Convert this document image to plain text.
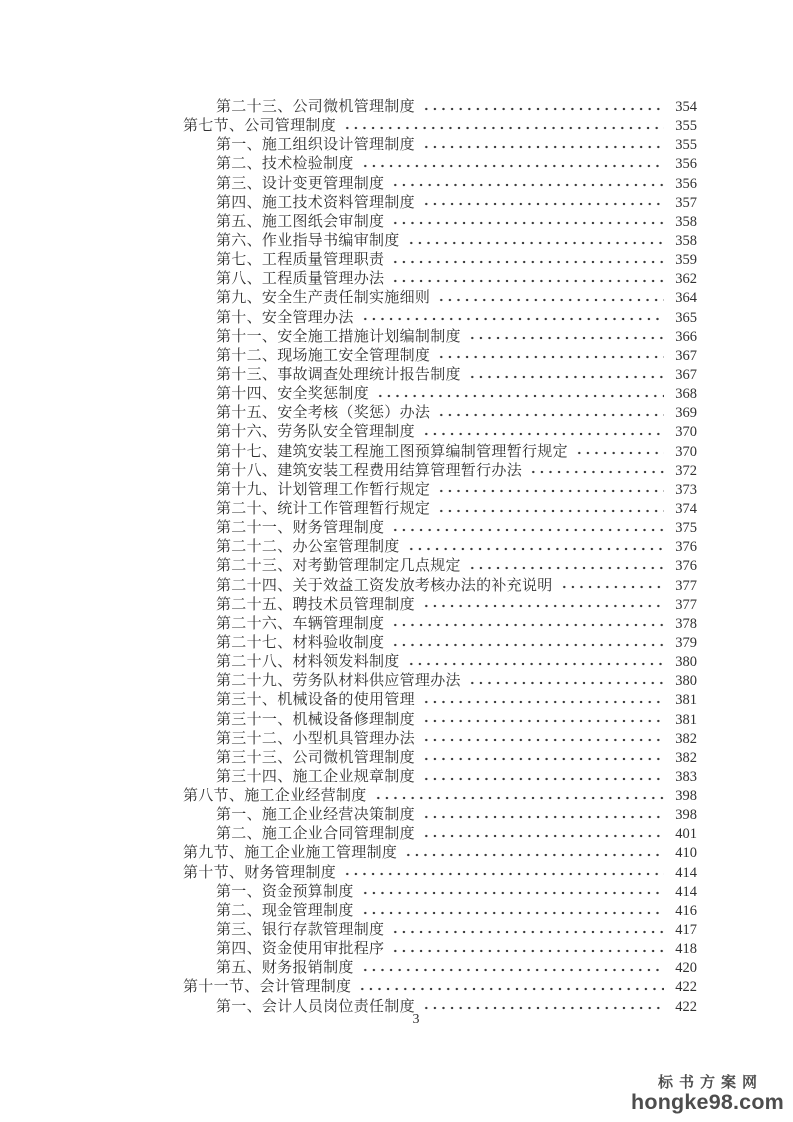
第二十三、公司微机管理制度	354
第七节、公司管理制度	355
第一、施工组织设计管理制度	355
第二、技术检验制度	356
第三、设计变更管理制度	356
第四、施工技术资料管理制度	357
第五、施工图纸会审制度	358
第六、作业指导书编审制度	358
第七、工程质量管理职责	359
第八、工程质量管理办法	362
第九、安全生产责任制实施细则	364
第十、安全管理办法	365
第十一、安全施工措施计划编制制度	366
第十二、现场施工安全管理制度	367
第十三、事故调查处理统计报告制度	367
第十四、安全奖惩制度	368
第十五、安全考核（奖惩）办法	369
第十六、劳务队安全管理制度	370
第十七、建筑安装工程施工图预算编制管理暂行规定	370
第十八、建筑安装工程费用结算管理暂行办法	372
第十九、计划管理工作暂行规定	373
第二十、统计工作管理暂行规定	374
第二十一、财务管理制度	375
第二十二、办公室管理制度	376
第二十三、对考勤管理制定几点规定	376
第二十四、关于效益工资发放考核办法的补充说明	377
第二十五、聘技术员管理制度	377
第二十六、车辆管理制度	378
第二十七、材料验收制度	379
第二十八、材料领发料制度	380
第二十九、劳务队材料供应管理办法	380
第三十、机械设备的使用管理	381
第三十一、机械设备修理制度	381
第三十二、小型机具管理办法	382
第三十三、公司微机管理制度	382
第三十四、施工企业规章制度	383
第八节、施工企业经营制度	398
第一、施工企业经营决策制度	398
第二、施工企业合同管理制度	401
第九节、施工企业施工管理制度	410
第十节、财务管理制度	414
第一、资金预算制度	414
第二、现金管理制度	416
第三、银行存款管理制度	417
第四、资金使用审批程序	418
第五、财务报销制度	420
第十一节、会计管理制度	422
第一、会计人员岗位责任制度	422
3
标书方案网
hongke98.com
